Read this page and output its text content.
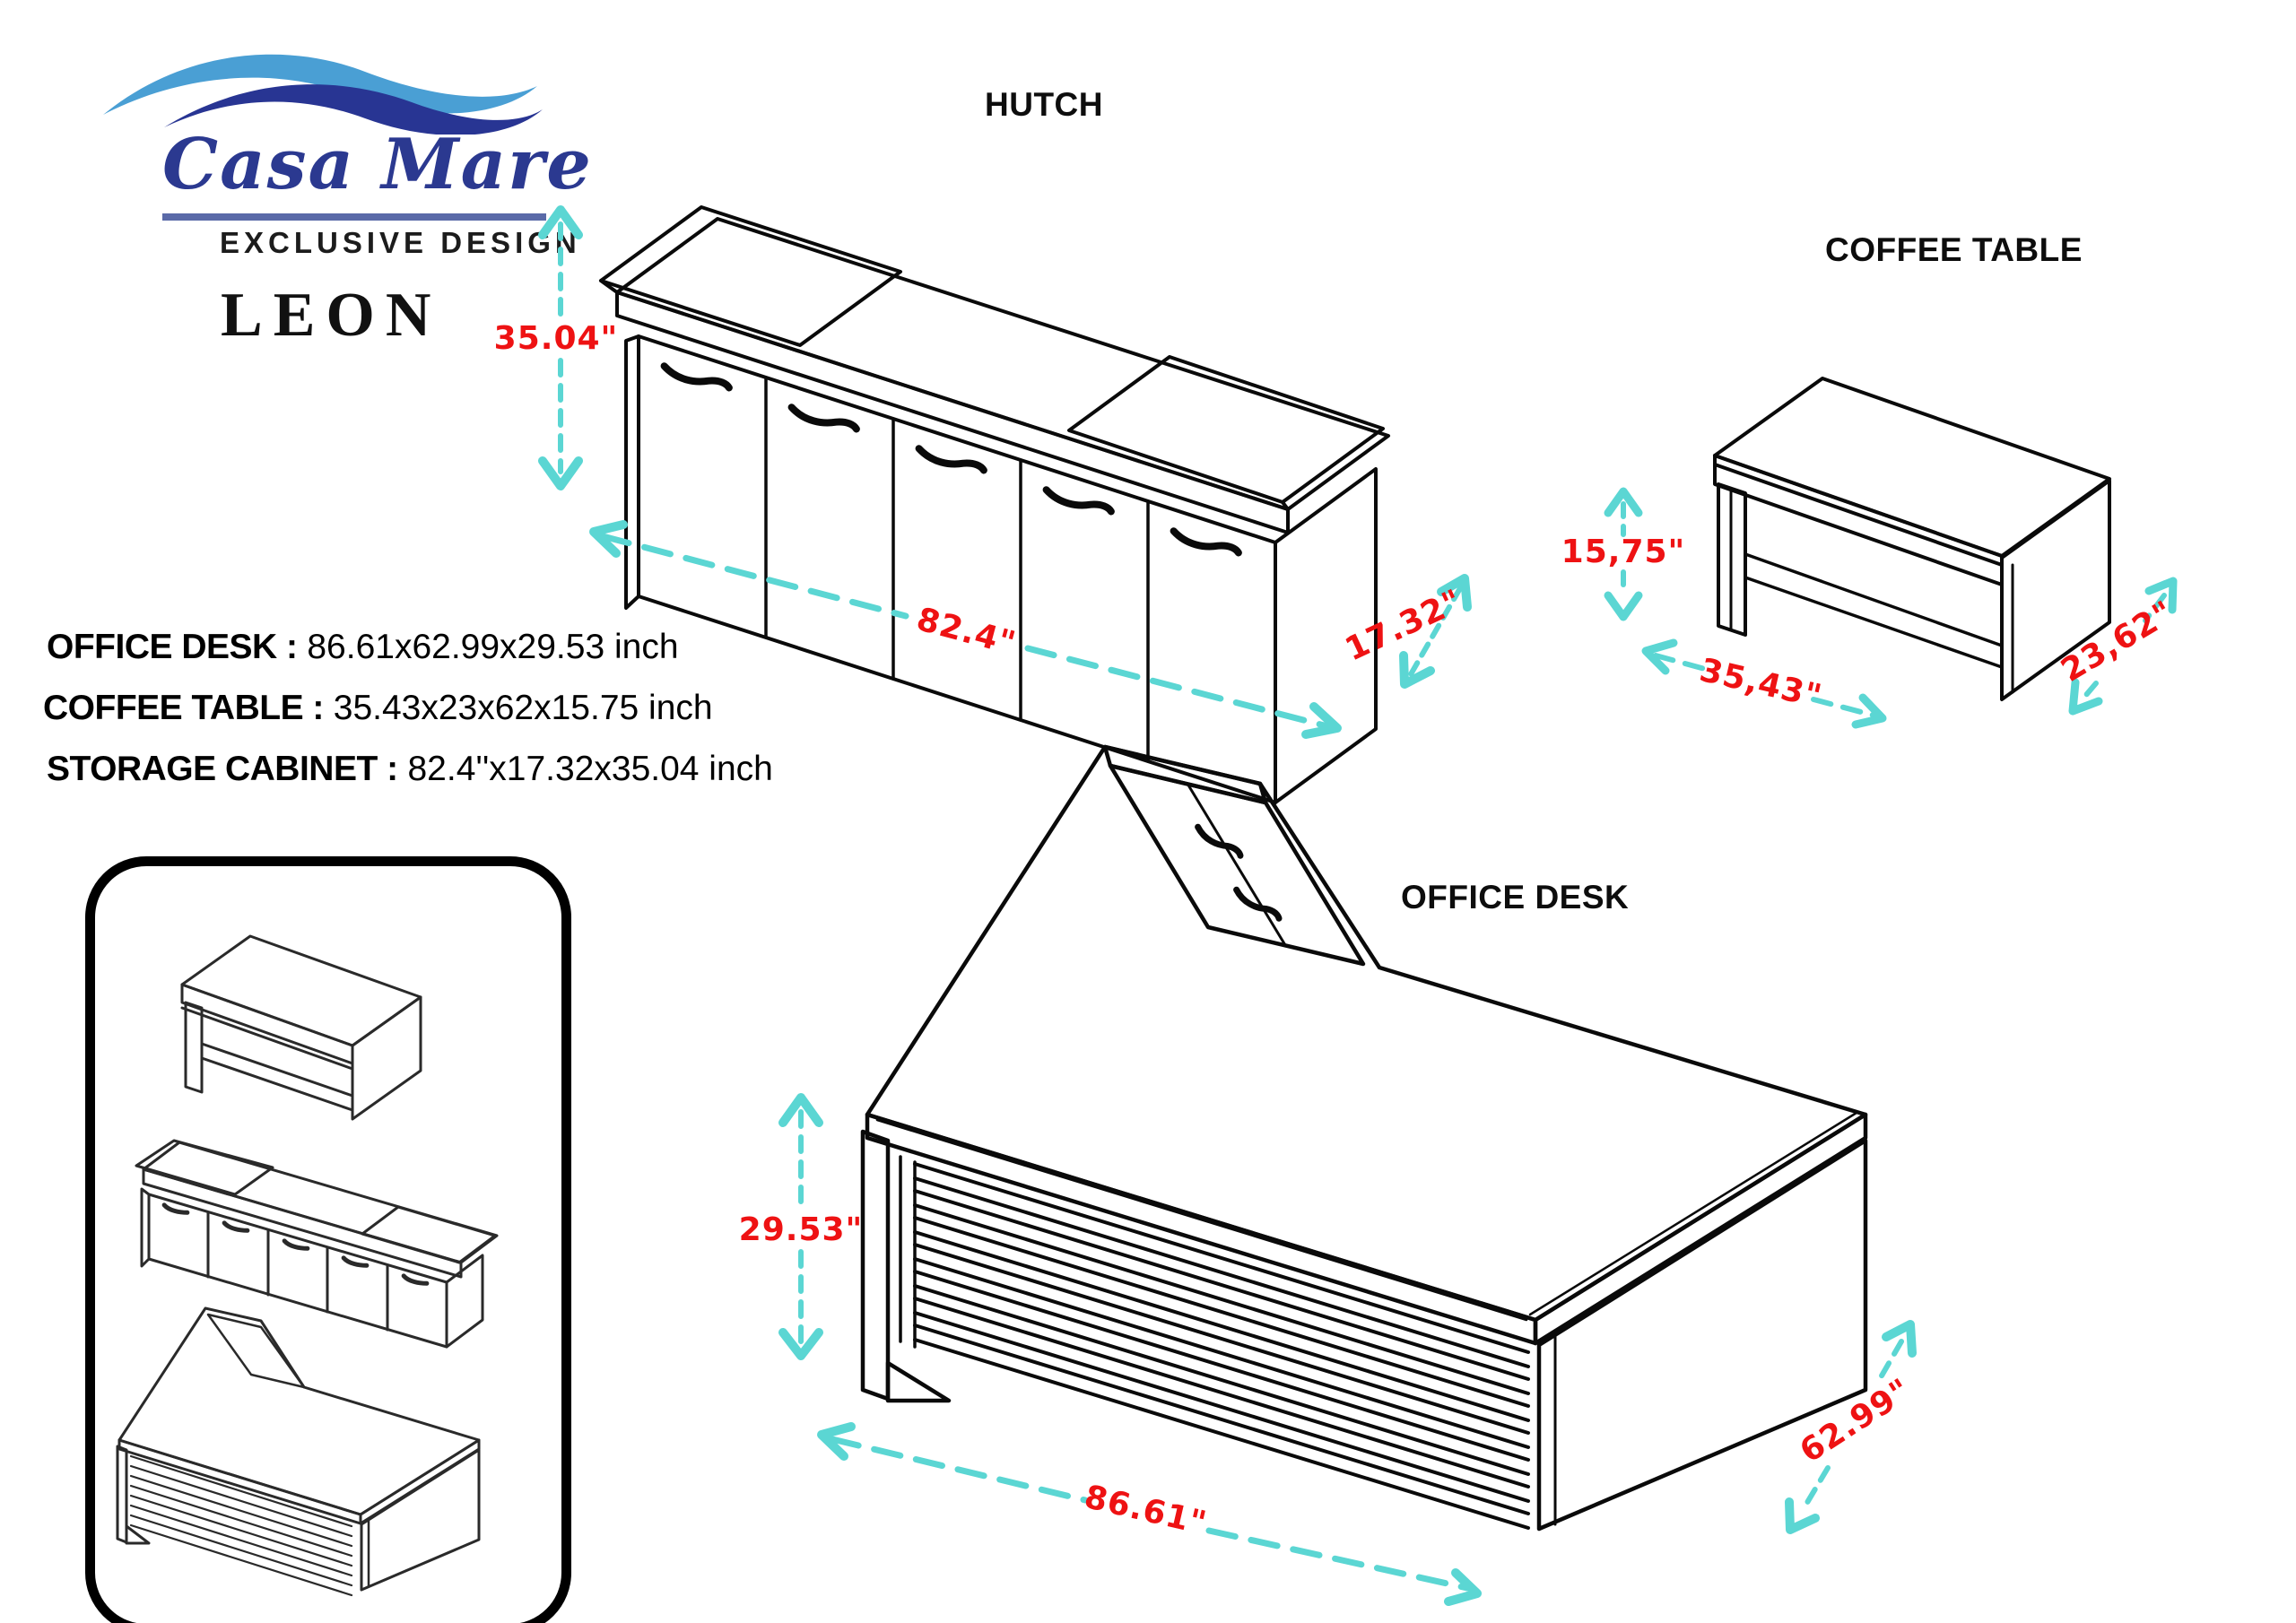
Casa Mare
EXCLUSIVE DESIGN
LEON
HUTCH
COFFEE TABLE
OFFICE DESK
OFFICE DESK : 86.61x62.99x29.53 inch
COFFEE TABLE : 35.43x23x62x15.75 inch
STORAGE CABINET : 82.4''x17.32x35.04 inch
35.04"
82.4"	17.32"
15,75"
35,43"	23,62"
29.53"
86.61"
62.99"
